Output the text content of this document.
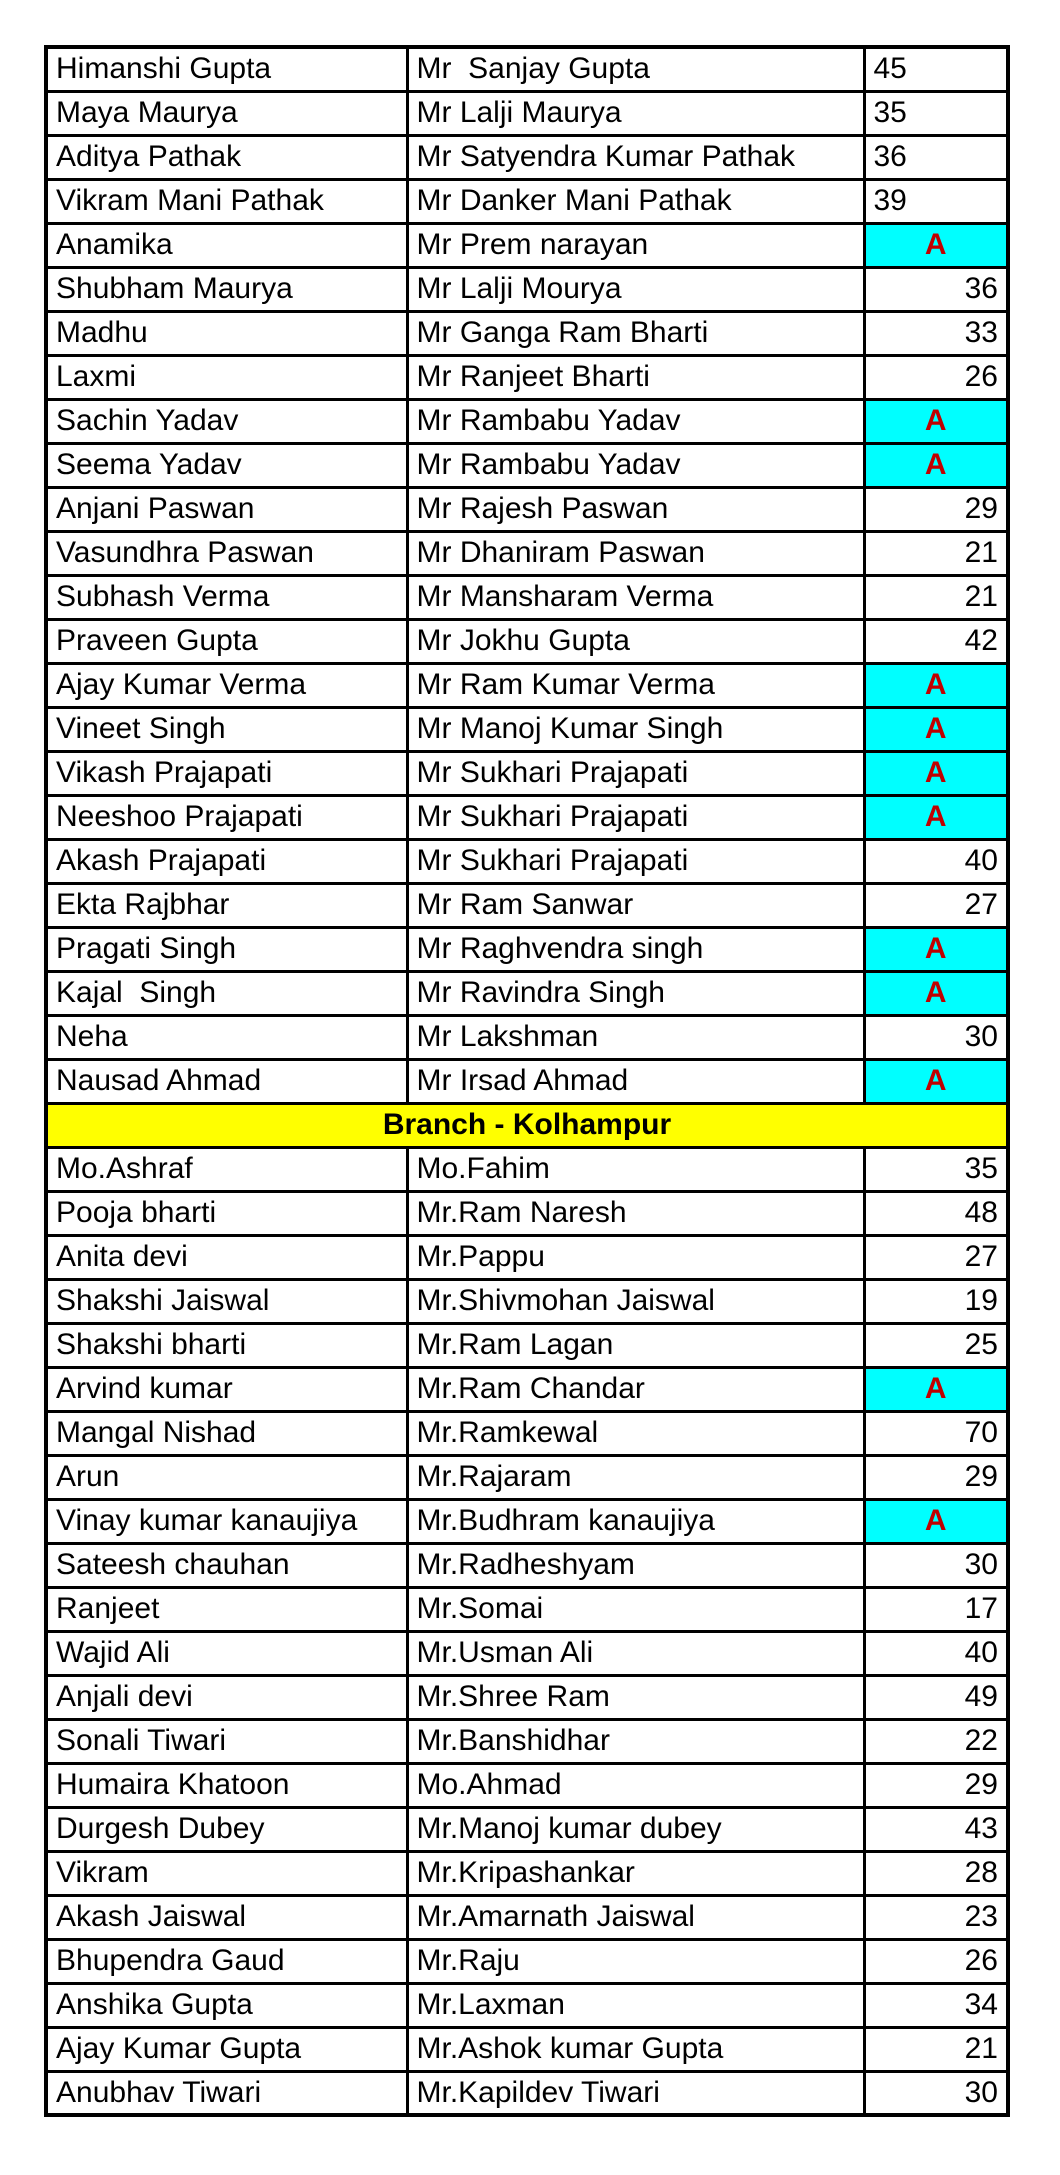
Himanshi Gupta	Mr  Sanjay Gupta	45
Maya Maurya	Mr Lalji Maurya	35
Aditya Pathak	Mr Satyendra Kumar Pathak	36
Vikram Mani Pathak	Mr Danker Mani Pathak	39
Anamika	Mr Prem narayan	A
Shubham Maurya	Mr Lalji Mourya	36
Madhu	Mr Ganga Ram Bharti	33
Laxmi	Mr Ranjeet Bharti	26
Sachin Yadav	Mr Rambabu Yadav	A
Seema Yadav	Mr Rambabu Yadav	A
Anjani Paswan	Mr Rajesh Paswan	29
Vasundhra Paswan	Mr Dhaniram Paswan	21
Subhash Verma	Mr Mansharam Verma	21
Praveen Gupta	Mr Jokhu Gupta	42
Ajay Kumar Verma	Mr Ram Kumar Verma	A
Vineet Singh	Mr Manoj Kumar Singh	A
Vikash Prajapati	Mr Sukhari Prajapati	A
Neeshoo Prajapati	Mr Sukhari Prajapati	A
Akash Prajapati	Mr Sukhari Prajapati	40
Ekta Rajbhar	Mr Ram Sanwar	27
Pragati Singh	Mr Raghvendra singh	A
Kajal  Singh	Mr Ravindra Singh	A
Neha	Mr Lakshman	30
Nausad Ahmad	Mr Irsad Ahmad	A
Branch - Kolhampur		
Mo.Ashraf	Mo.Fahim	35
Pooja bharti	Mr.Ram Naresh	48
Anita devi	Mr.Pappu	27
Shakshi Jaiswal	Mr.Shivmohan Jaiswal	19
Shakshi bharti	Mr.Ram Lagan	25
Arvind kumar	Mr.Ram Chandar	A
Mangal Nishad	Mr.Ramkewal	70
Arun	Mr.Rajaram	29
Vinay kumar kanaujiya	Mr.Budhram kanaujiya	A
Sateesh chauhan	Mr.Radheshyam	30
Ranjeet	Mr.Somai	17
Wajid Ali	Mr.Usman Ali	40
Anjali devi	Mr.Shree Ram	49
Sonali Tiwari	Mr.Banshidhar	22
Humaira Khatoon	Mo.Ahmad	29
Durgesh Dubey	Mr.Manoj kumar dubey	43
Vikram	Mr.Kripashankar	28
Akash Jaiswal	Mr.Amarnath Jaiswal	23
Bhupendra Gaud	Mr.Raju	26
Anshika Gupta	Mr.Laxman	34
Ajay Kumar Gupta	Mr.Ashok kumar Gupta	21
Anubhav Tiwari	Mr.Kapildev Tiwari	30
